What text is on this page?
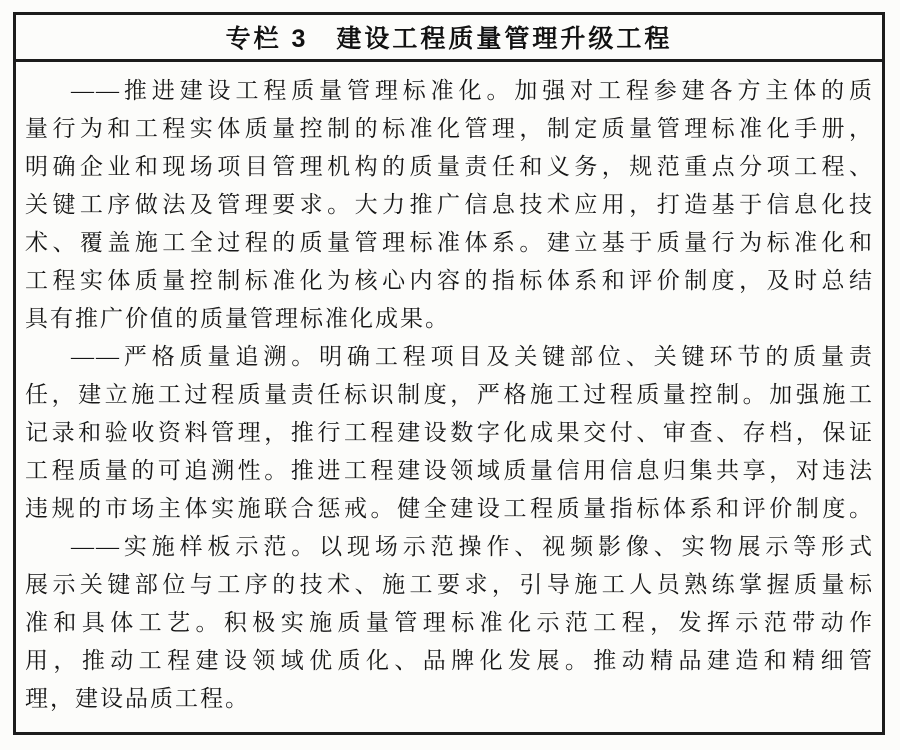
专栏 3　建设工程质量管理升级工程
——推进建设工程质量管理标准化。加强对工程参建各方主体的质
量行为和工程实体质量控制的标准化管理，制定质量管理标准化手册，
明确企业和现场项目管理机构的质量责任和义务，规范重点分项工程、
关键工序做法及管理要求。大力推广信息技术应用，打造基于信息化技
术、覆盖施工全过程的质量管理标准体系。建立基于质量行为标准化和
工程实体质量控制标准化为核心内容的指标体系和评价制度，及时总结
具有推广价值的质量管理标准化成果。
——严格质量追溯。明确工程项目及关键部位、关键环节的质量责
任，建立施工过程质量责任标识制度，严格施工过程质量控制。加强施工
记录和验收资料管理，推行工程建设数字化成果交付、审查、存档，保证
工程质量的可追溯性。推进工程建设领域质量信用信息归集共享，对违法
违规的市场主体实施联合惩戒。健全建设工程质量指标体系和评价制度。
——实施样板示范。以现场示范操作、视频影像、实物展示等形式
展示关键部位与工序的技术、施工要求，引导施工人员熟练掌握质量标
准和具体工艺。积极实施质量管理标准化示范工程，发挥示范带动作
用，推动工程建设领域优质化、品牌化发展。推动精品建造和精细管
理，建设品质工程。
